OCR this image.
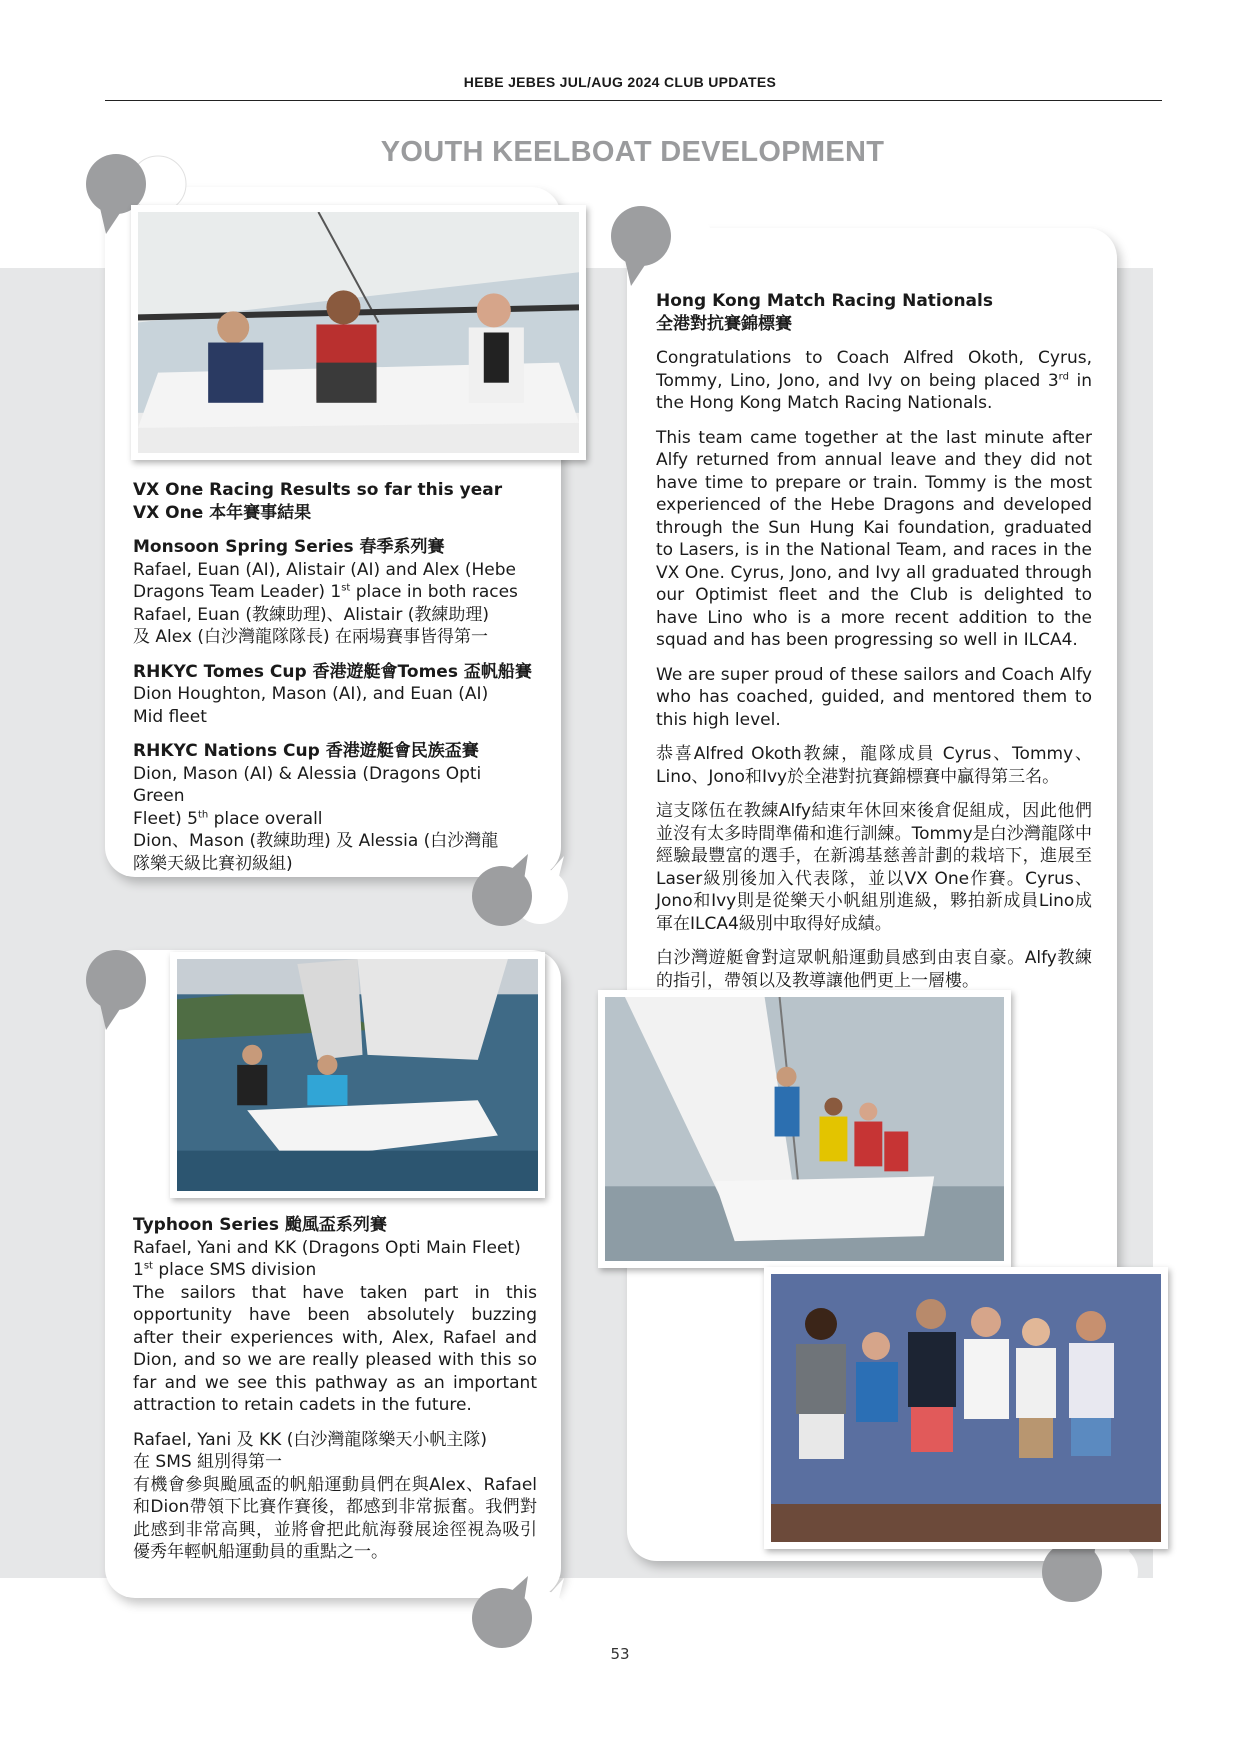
HEBE JEBES JUL/AUG 2024 CLUB UPDATES
YOUTH KEELBOAT DEVELOPMENT

VX One Racing Results so far this year
VX One 本年賽事結果

Monsoon Spring Series 春季系列賽
Rafael, Euan (AI), Alistair (AI) and Alex (Hebe
Dragons Team Leader) 1st place in both races
Rafael, Euan (教練助理)、Alistair (教練助理)
及 Alex (白沙灣龍隊隊長) 在兩場賽事皆得第一

RHKYC Tomes Cup 香港遊艇會Tomes 盃帆船賽
Dion Houghton, Mason (AI), and Euan (AI)
Mid fleet

RHKYC Nations Cup 香港遊艇會民族盃賽
Dion, Mason (AI) & Alessia (Dragons Opti Green
Fleet) 5th place overall
Dion、Mason (教練助理) 及 Alessia (白沙灣龍
隊樂天級比賽初級組)

Typhoon Series 颱風盃系列賽
Rafael, Yani and KK (Dragons Opti Main Fleet)
1st place SMS division
The sailors that have taken part in this opportunity have been absolutely buzzing after their experiences with, Alex, Rafael and Dion, and so we are really pleased with this so far and we see this pathway as an important attraction to retain cadets in the future.

Rafael, Yani 及 KK (白沙灣龍隊樂天小帆主隊)
在 SMS 組別得第一
有機會參與颱風盃的帆船運動員們在與Alex、Rafael 和Dion帶領下比賽作賽後，都感到非常振奮。我們對此感到非常高興，並將會把此航海發展途徑視為吸引優秀年輕帆船運動員的重點之一。

Hong Kong Match Racing Nationals
全港對抗賽錦標賽

Congratulations to Coach Alfred Okoth, Cyrus, Tommy, Lino, Jono, and Ivy on being placed 3rd in the Hong Kong Match Racing Nationals.

This team came together at the last minute after Alfy returned from annual leave and they did not have time to prepare or train. Tommy is the most experienced of the Hebe Dragons and developed through the Sun Hung Kai foundation, graduated to Lasers, is in the National Team, and races in the VX One. Cyrus, Jono, and Ivy all graduated through our Optimist fleet and the Club is delighted to have Lino who is a more recent addition to the squad and has been progressing so well in ILCA4.

We are super proud of these sailors and Coach Alfy who has coached, guided, and mentored them to this high level.

恭喜Alfred Okoth教練，龍隊成員 Cyrus、Tommy、Lino、Jono和Ivy於全港對抗賽錦標賽中贏得第三名。

這支隊伍在教練Alfy結束年休回來後倉促組成，因此他們並沒有太多時間準備和進行訓練。Tommy是白沙灣龍隊中經驗最豐富的選手，在新鴻基慈善計劃的栽培下，進展至Laser級別後加入代表隊，並以VX One作賽。Cyrus、Jono和Ivy則是從樂天小帆組別進級，夥拍新成員Lino成軍在ILCA4級別中取得好成績。

白沙灣遊艇會對這眾帆船運動員感到由衷自豪。Alfy教練的指引，帶領以及教導讓他們更上一層樓。

53
